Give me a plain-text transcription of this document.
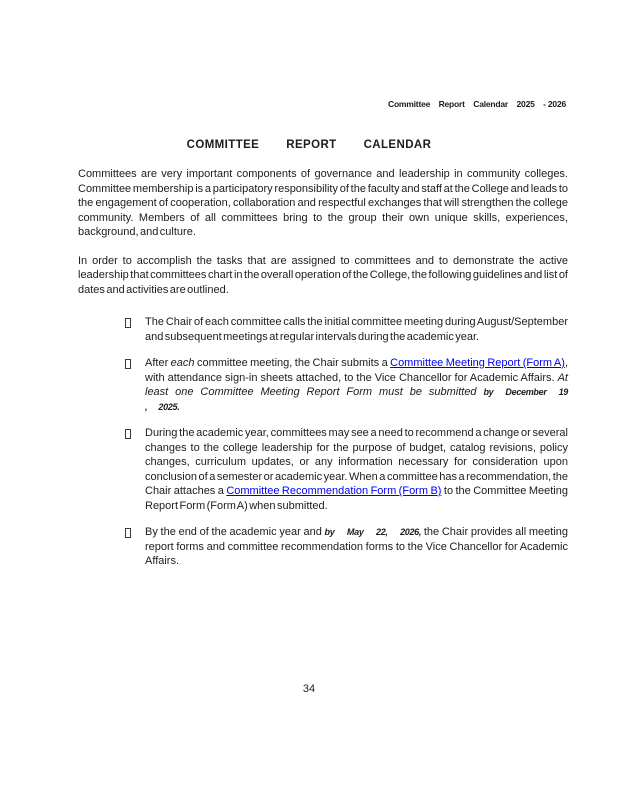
Committee Report Calendar 2025 - 2026
COMMITTEE REPORT CALENDAR

Committees are very important components of governance and leadership in community colleges. Committee membership is a participatory responsibility of the faculty and staff at the College and leads to the engagement of cooperation, collaboration and respectful exchanges that will strengthen the college community. Members of all committees bring to the group their own unique skills, experiences, background, and culture.

In order to accomplish the tasks that are assigned to committees and to demonstrate the active leadership that committees chart in the overall operation of the College, the following guidelines and list of dates and activities are outlined.

The Chair of each committee calls the initial committee meeting during August/September and subsequent meetings at regular intervals during the academic year.
After each committee meeting, the Chair submits a Committee Meeting Report (Form A), with attendance sign-in sheets attached, to the Vice Chancellor for Academic Affairs. At least one Committee Meeting Report Form must be submitted by December 19 , 2025.
During the academic year, committees may see a need to recommend a change or several changes to the college leadership for the purpose of budget, catalog revisions, policy changes, curriculum updates, or any information necessary for consideration upon conclusion of a semester or academic year. When a committee has a recommendation, the Chair attaches a Committee Recommendation Form (Form B) to the Committee Meeting Report Form (Form A) when submitted.
By the end of the academic year and by May 22, 2026, the Chair provides all meeting report forms and committee recommendation forms to the Vice Chancellor for Academic Affairs.
34
